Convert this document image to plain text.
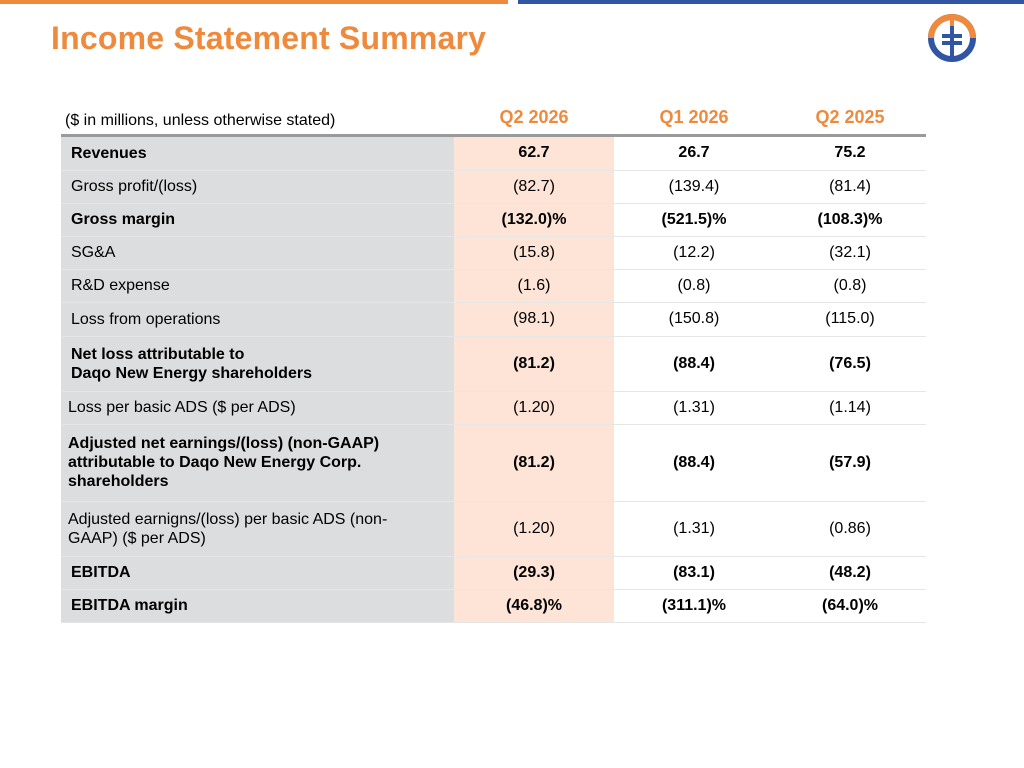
Income Statement Summary
($ in millions, unless otherwise stated)	Q2 2026	Q1 2026	Q2 2025
Revenues	62.7	26.7	75.2
Gross profit/(loss)	(82.7)	(139.4)	(81.4)
Gross margin	(132.0)%	(521.5)%	(108.3)%
SG&A	(15.8)	(12.2)	(32.1)
R&D expense	(1.6)	(0.8)	(0.8)
Loss from operations	(98.1)	(150.8)	(115.0)
Net loss attributable to
Daqo New Energy shareholders	(81.2)	(88.4)	(76.5)
Loss per basic ADS ($ per ADS)	(1.20)	(1.31)	(1.14)
Adjusted net earnings/(loss) (non-GAAP)
attributable to Daqo New Energy Corp.
shareholders	(81.2)	(88.4)	(57.9)
Adjusted earnigns/(loss) per basic ADS (non-
GAAP) ($ per ADS)	(1.20)	(1.31)	(0.86)
EBITDA	(29.3)	(83.1)	(48.2)
EBITDA margin	(46.8)%	(311.1)%	(64.0)%
